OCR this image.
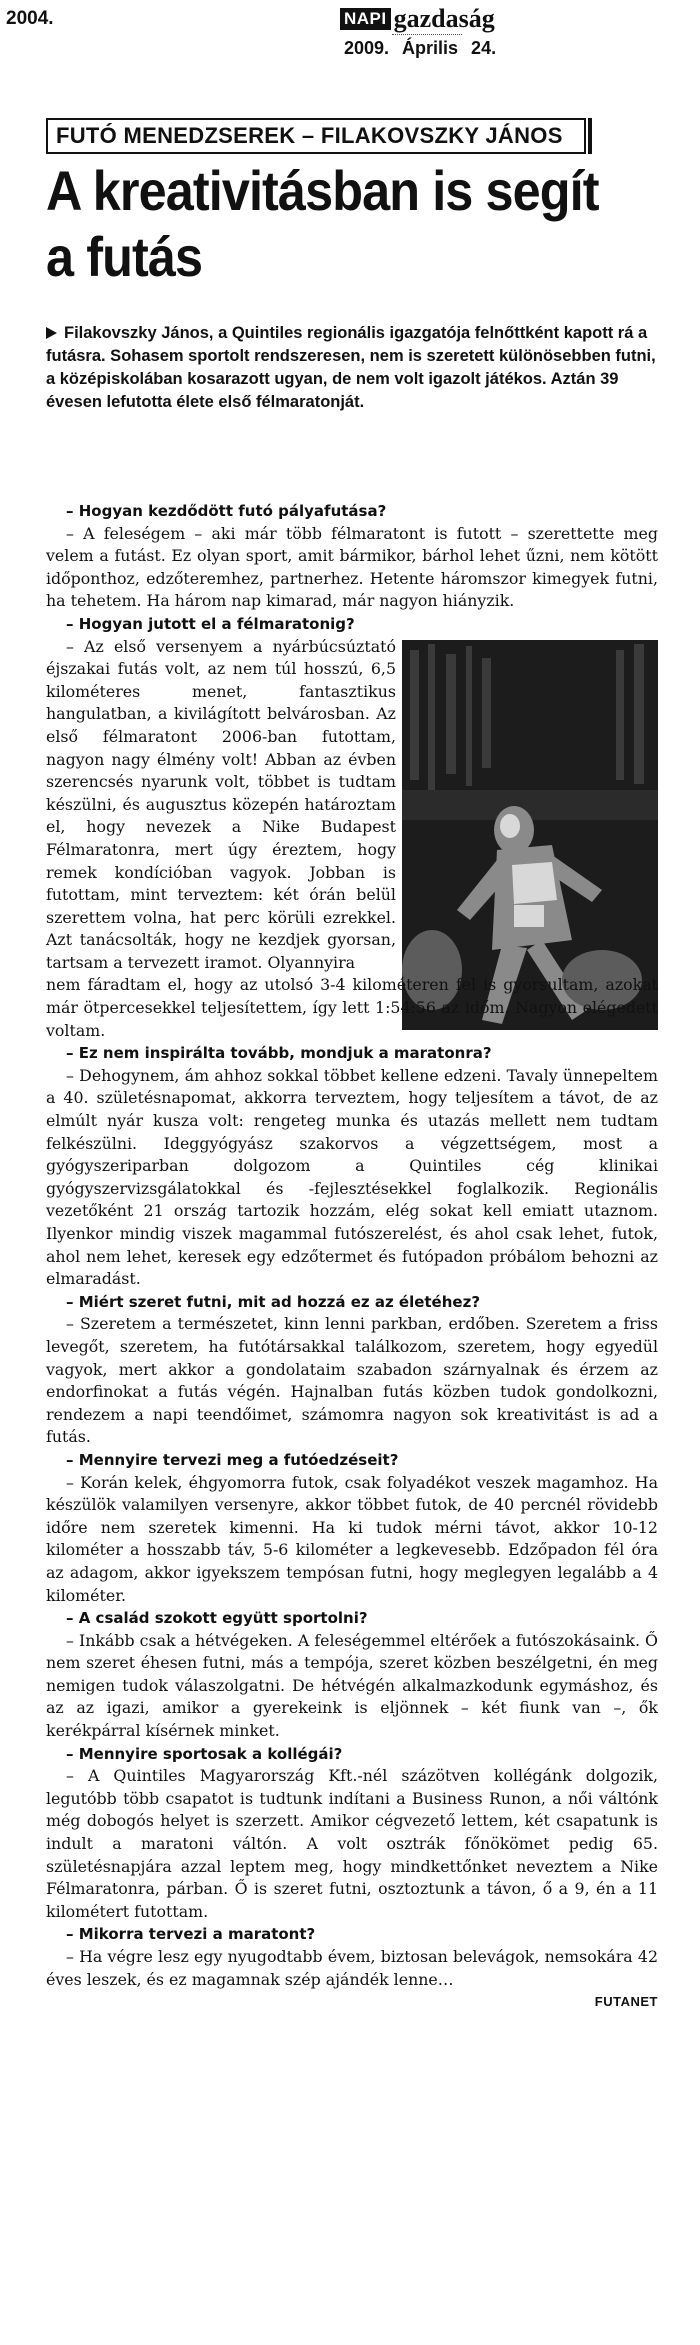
2004.	NAPI gazdaság
2009. Április 24.
FUTÓ MENEDZSEREK – FILAKOVSZKY JÁNOS
A kreativitásban is segít
a futás
Filakovszky János, a Quintiles regionális igazgatója felnőttként kapott rá a futásra. Sohasem sportolt rendszeresen, nem is szeretett különösebben futni, a középiskolában kosarazott ugyan, de nem volt igazolt játékos. Aztán 39 évesen lefutotta élete első félmaratonját.

– Hogyan kezdődött futó pályafutása?

– A feleségem – aki már több félmaratont is futott – szerettette meg velem a futást. Ez olyan sport, amit bármikor, bárhol lehet űzni, nem kötött időponthoz, edzőteremhez, partnerhez. Hetente háromszor kimegyek futni, ha tehetem. Ha három nap kimarad, már nagyon hiányzik.

– Hogyan jutott el a félmaratonig?

– Az első versenyem a nyárbúcsúztató éjszakai futás volt, az nem túl hosszú, 6,5 kilométeres menet, fantasztikus hangulatban, a kivilágított belvárosban. Az első félmaratont 2006-ban futottam, nagyon nagy élmény volt! Abban az évben szerencsés nyarunk volt, többet is tudtam készülni, és augusztus közepén határoztam el, hogy nevezek a Nike Budapest Félmaratonra, mert úgy éreztem, hogy remek kondícióban vagyok. Jobban is futottam, mint terveztem: két órán belül szerettem volna, hat perc körüli ezrekkel. Azt tanácsolták, hogy ne kezdjek gyorsan, tartsam a tervezett iramot. Olyannyira

nem fáradtam el, hogy az utolsó 3-4 kilométeren fel is gyorsultam, azokat már ötpercesekkel teljesítettem, így lett 1:54:56 az időm. Nagyon elégedett voltam.

– Ez nem inspirálta tovább, mondjuk a maratonra?

– Dehogynem, ám ahhoz sokkal többet kellene edzeni. Tavaly ünnepeltem a 40. születésnapomat, akkorra terveztem, hogy teljesítem a távot, de az elmúlt nyár kusza volt: rengeteg munka és utazás mellett nem tudtam felkészülni. Ideggyógyász szakorvos a végzettségem, most a gyógyszeriparban dolgozom a Quintiles cég klinikai gyógyszervizsgálatokkal és -fejlesztésekkel foglalkozik. Regionális vezetőként 21 ország tartozik hozzám, elég sokat kell emiatt utaznom. Ilyenkor mindig viszek magammal futószerelést, és ahol csak lehet, futok, ahol nem lehet, keresek egy edzőtermet és futópadon próbálom behozni az elmaradást.

– Miért szeret futni, mit ad hozzá ez az életéhez?

– Szeretem a természetet, kinn lenni parkban, erdőben. Szeretem a friss levegőt, szeretem, ha futótársakkal találkozom, szeretem, hogy egyedül vagyok, mert akkor a gondolataim szabadon szárnyalnak és érzem az endorfinokat a futás végén. Hajnalban futás közben tudok gondolkozni, rendezem a napi teendőimet, számomra nagyon sok kreativitást is ad a futás.

– Mennyire tervezi meg a futóedzéseit?

– Korán kelek, éhgyomorra futok, csak folyadékot veszek magamhoz. Ha készülök valamilyen versenyre, akkor többet futok, de 40 percnél rövidebb időre nem szeretek kimenni. Ha ki tudok mérni távot, akkor 10-12 kilométer a hosszabb táv, 5-6 kilométer a legkevesebb. Edzőpadon fél óra az adagom, akkor igyekszem tempósan futni, hogy meglegyen legalább a 4 kilométer.

– A család szokott együtt sportolni?

– Inkább csak a hétvégeken. A feleségemmel eltérőek a futószokásaink. Ő nem szeret éhesen futni, más a tempója, szeret közben beszélgetni, én meg nemigen tudok válaszolgatni. De hétvégén alkalmazkodunk egymáshoz, és az az igazi, amikor a gyerekeink is eljönnek – két fiunk van –, ők kerékpárral kísérnek minket.

– Mennyire sportosak a kollégái?

– A Quintiles Magyarország Kft.-nél százötven kollégánk dolgozik, legutóbb több csapatot is tudtunk indítani a Business Runon, a női váltónk még dobogós helyet is szerzett. Amikor cégvezető lettem, két csapatunk is indult a maratoni váltón. A volt osztrák főnökömet pedig 65. születésnapjára azzal leptem meg, hogy mindkettőnket neveztem a Nike Félmaratonra, párban. Ő is szeret futni, osztoztunk a távon, ő a 9, én a 11 kilométert futottam.

– Mikorra tervezi a maratont?

– Ha végre lesz egy nyugodtabb évem, biztosan belevágok, nemsokára 42 éves leszek, és ez magamnak szép ajándék lenne…

FUTANET
